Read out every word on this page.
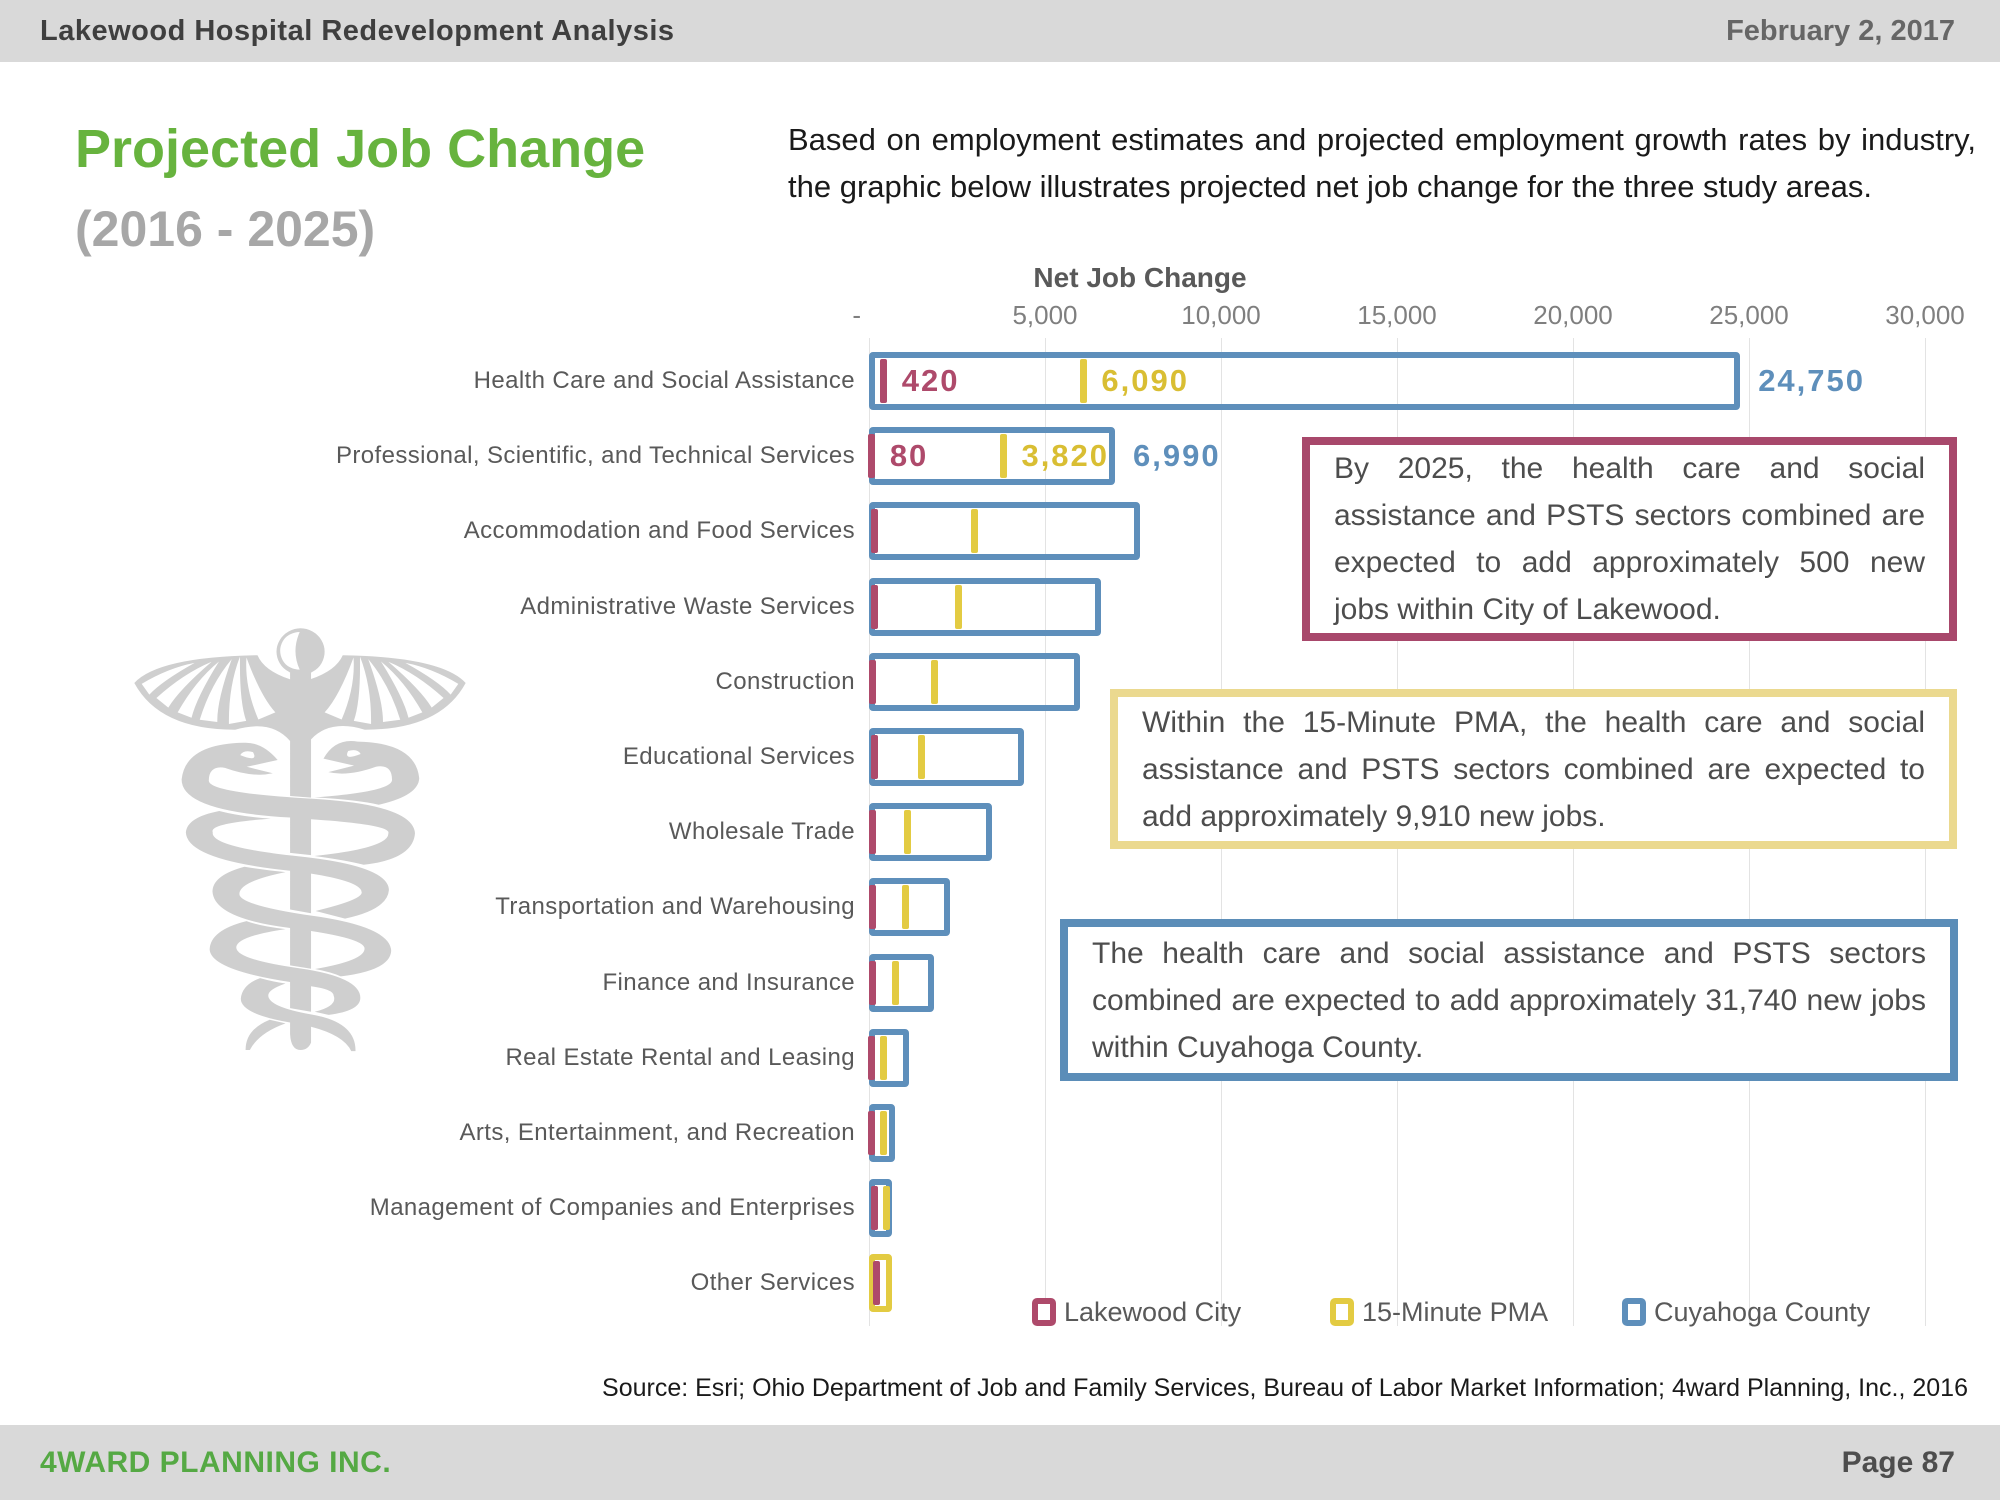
Lakewood Hospital Redevelopment Analysis	February 2, 2017
Projected Job Change
(2016 - 2025)
Based on employment estimates and projected employment growth rates by industry, the graphic below illustrates projected net job change for the three study areas.
☤
Net Job Change
-	5,000	10,000	15,000	20,000	25,000	30,000
Health Care and Social Assistance
Professional, Scientific, and Technical Services
Accommodation and Food Services
Administrative Waste Services
Construction
Educational Services
Wholesale Trade
Transportation and Warehousing
Finance and Insurance
Real Estate Rental and Leasing
Arts, Entertainment, and Recreation
Management of Companies and Enterprises
Other Services
420	6,090	24,750
80	3,820 6,990
Lakewood City	15-Minute PMA	Cuyahoga County
By 2025, the health care and social assistance and PSTS sectors combined are expected to add approximately 500 new jobs within City of Lakewood.
Within the 15-Minute PMA, the health care and social assistance and PSTS sectors combined are expected to add approximately 9,910 new jobs.
The health care and social assistance and PSTS sectors combined are expected to add approximately 31,740 new jobs within Cuyahoga County.
Source: Esri; Ohio Department of Job and Family Services, Bureau of Labor Market Information; 4ward Planning, Inc., 2016
4WARD PLANNING INC.	Page 87
